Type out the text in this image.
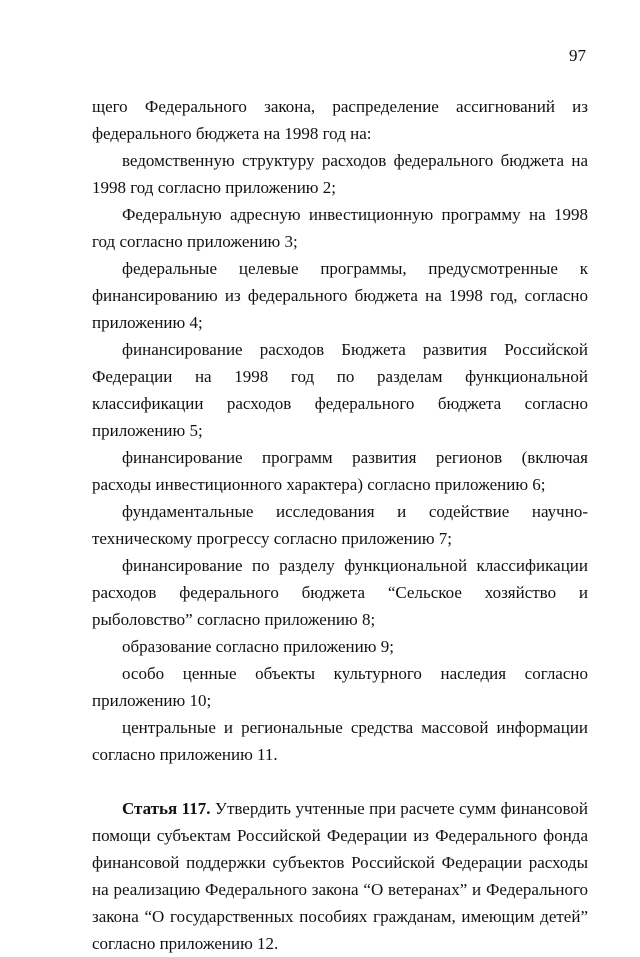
97

щего Федерального закона, распределение ассигнований из федерального бюджета на 1998 год на:

ведомственную структуру расходов федерального бюджета на 1998 год согласно приложению 2;

Федеральную адресную инвестиционную программу на 1998 год согласно приложению 3;

федеральные целевые программы, предусмотренные к финансированию из федерального бюджета на 1998 год, согласно приложению 4;

финансирование расходов Бюджета развития Российской Федерации на 1998 год по разделам функциональной классификации расходов федерального бюджета согласно приложению 5;

финансирование программ развития регионов (включая расходы инвестиционного характера) согласно приложению 6;

фундаментальные исследования и содействие научно-техническому прогрессу согласно приложению 7;

финансирование по разделу функциональной классификации расходов федерального бюджета “Сельское хозяйство и рыболовство” согласно приложению 8;

образование согласно приложению 9;

особо ценные объекты культурного наследия согласно приложению 10;

центральные и региональные средства массовой информации согласно приложению 11.

Статья 117. Утвердить учтенные при расчете сумм финансовой помощи субъектам Российской Федерации из Федерального фонда финансовой поддержки субъектов Российской Федерации расходы на реализацию Федерального закона “О ветеранах” и Федерального закона “О государственных пособиях гражданам, имеющим детей” согласно приложению 12.
